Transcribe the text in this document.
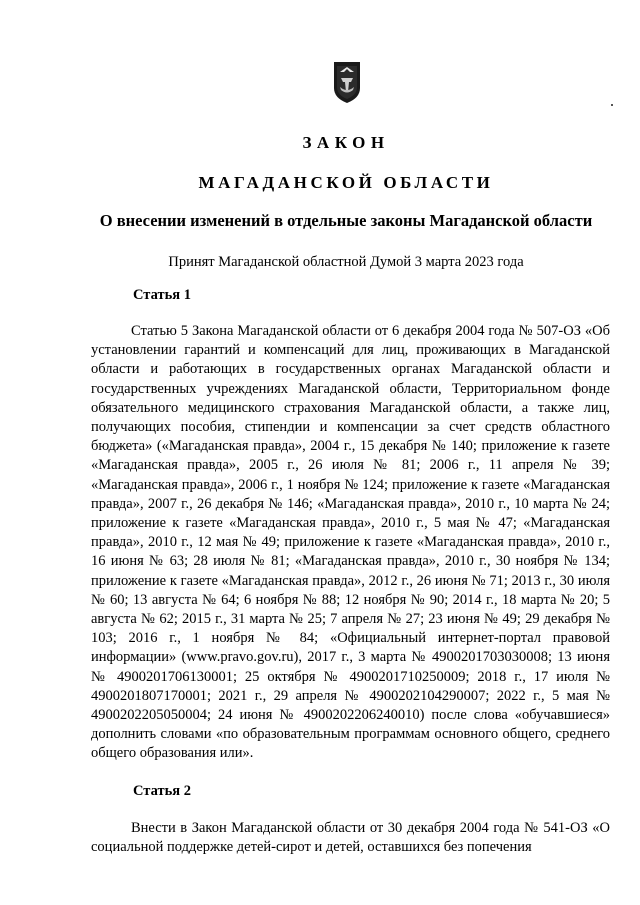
ЗАКОН
МАГАДАНСКОЙ ОБЛАСТИ
О внесении изменений в отдельные законы Магаданской области
Принят Магаданской областной Думой 3 марта 2023 года
Статья 1

Статью 5 Закона Магаданской области от 6 декабря 2004 года № 507-ОЗ «Об установлении гарантий и компенсаций для лиц, проживающих в Магаданской области и работающих в государственных органах Магаданской области и государственных учреждениях Магаданской области, Территориальном фонде обязательного медицинского страхования Магаданской области, а также лиц, получающих пособия, стипендии и компенсации за счет средств областного бюджета» («Магаданская правда», 2004 г., 15 декабря № 140; приложение к газете «Магаданская правда», 2005 г., 26 июля № 81; 2006 г., 11 апреля № 39; «Магаданская правда», 2006 г., 1 ноября № 124; приложение к газете «Магаданская правда», 2007 г., 26 декабря № 146; «Магаданская правда», 2010 г., 10 марта № 24; приложение к газете «Магаданская правда», 2010 г., 5 мая № 47; «Магаданская правда», 2010 г., 12 мая № 49; приложение к газете «Магаданская правда», 2010 г., 16 июня № 63; 28 июля № 81; «Магаданская правда», 2010 г., 30 ноября № 134; приложение к газете «Магаданская правда», 2012 г., 26 июня № 71; 2013 г., 30 июля № 60; 13 августа № 64; 6 ноября № 88; 12 ноября № 90; 2014 г., 18 марта № 20; 5 августа № 62; 2015 г., 31 марта № 25; 7 апреля № 27; 23 июня № 49; 29 декабря № 103; 2016 г., 1 ноября № 84; «Официальный интернет-портал правовой информации» (www.pravo.gov.ru), 2017 г., 3 марта № 4900201703030008; 13 июня № 4900201706130001; 25 октября № 4900201710250009; 2018 г., 17 июля № 4900201807170001; 2021 г., 29 апреля № 4900202104290007; 2022 г., 5 мая № 4900202205050004; 24 июня № 4900202206240010) после слова «обучавшиеся» дополнить словами «по образовательным программам основного общего, среднего общего образования или».

Статья 2

Внести в Закон Магаданской области от 30 декабря 2004 года № 541-ОЗ «О социальной поддержке детей-сирот и детей, оставшихся без попечения
